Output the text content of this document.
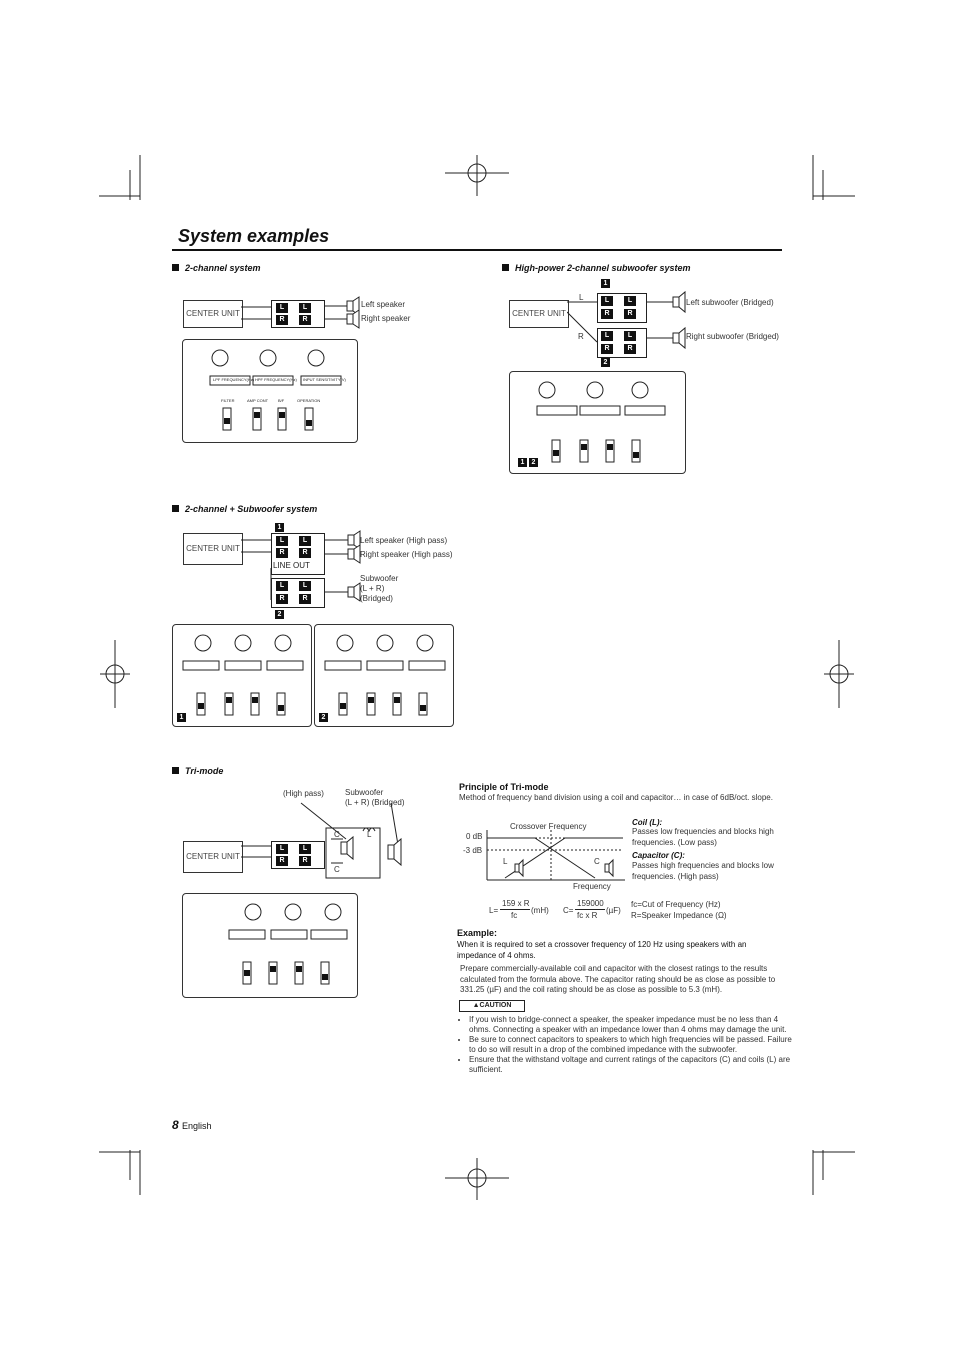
System examples
2-channel system
CENTER UNIT
L
R
L
R
Left speaker
Right speaker
LPF FREQUENCY(Hz) HPF FREQUENCY(Hz) INPUT SENSITIVITY(V)
FILTER	AMP CONT B/F	OPERATION
High-power 2-channel subwoofer system
CENTER UNIT
L
R
1
2
L
R
L
R
L
R
L
R
Left subwoofer (Bridged)
Right subwoofer (Bridged)
1	2
2-channel + Subwoofer system
CENTER UNIT
1
2
L
R
L
R
LINE OUT
L
R
L
R
Left speaker (High pass)
Right speaker (High pass)
Subwoofer
(L + R)
(Bridged)
1	2
Tri-mode
(High pass)	Subwoofer
(L + R) (Bridged)
CENTER UNIT
C	L
C
L
R
L
R
Principle of Tri-mode
Method of frequency band division using a coil and capacitor… in case of 6dB/oct. slope.
Crossover Frequency
0 dB
-3 dB
L	C
Frequency
Coil (L):
Passes low frequencies and blocks high frequencies. (Low pass)
Capacitor (C):
Passes high frequencies and blocks low frequencies. (High pass)
L=
159 x R
fc
(mH) C=
159000
fc x R
(µF)
fc=Cut of Frequency (Hz)
R=Speaker Impedance (Ω)
Example:
When it is required to set a crossover frequency of 120 Hz using speakers with an impedance of 4 ohms.
Prepare commercially-available coil and capacitor with the closest ratings to the results calculated from the formula above. The capacitor rating should be as close as possible to 331.25 (µF) and the coil rating should be as close as possible to 5.3 (mH).
▲CAUTION
• If you wish to bridge-connect a speaker, the speaker impedance must be no less than 4 ohms. Connecting a speaker with an impedance lower than 4 ohms may damage the unit.
• Be sure to connect capacitors to speakers to which high frequencies will be passed. Failure to do so will result in a drop of the combined impedance with the subwoofer.
• Ensure that the withstand voltage and current ratings of the capacitors (C) and coils (L) are sufficient.
8 English
